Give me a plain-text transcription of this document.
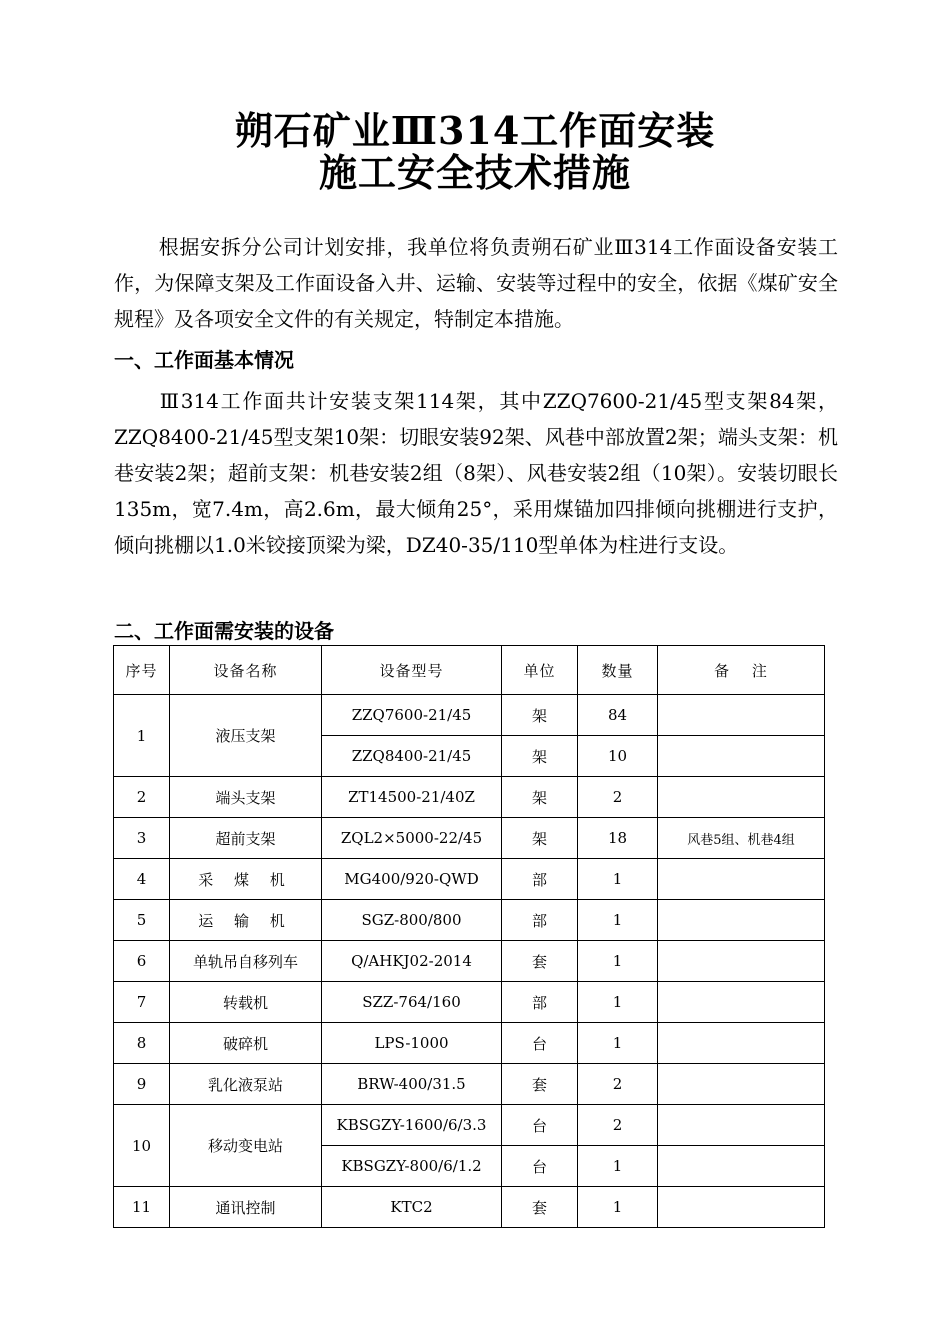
朔石矿业Ⅲ314工作面安装
施工安全技术措施
根据安拆分公司计划安排，我单位将负责朔石矿业Ⅲ314工作面设备安装工作，为保障支架及工作面设备入井、运输、安装等过程中的安全，依据《煤矿安全规程》及各项安全文件的有关规定，特制定本措施。
一、工作面基本情况
Ⅲ314工作面共计安装支架114架，其中ZZQ7600-21/45型支架84架，ZZQ8400-21/45型支架10架：切眼安装92架、风巷中部放置2架；端头支架：机巷安装2架；超前支架：机巷安装2组（8架）、风巷安装2组（10架）。安装切眼长135m，宽7.4m，高2.6m，最大倾角25°，采用煤锚加四排倾向挑棚进行支护，倾向挑棚以1.0米铰接顶梁为梁，DZ40-35/110型单体为柱进行支设。
二、工作面需安装的设备
序号	设备名称	设备型号	单位	数量	备　 注
1	液压支架	ZZQ7600-21/45	架	84	
		ZZQ8400-21/45	架	10	
2	端头支架	ZT14500-21/40Z	架	2	
3	超前支架	ZQL2×5000-22/45	架	18	风巷5组、机巷4组
4	采 煤 机	MG400/920-QWD	部	1	
5	运 输 机	SGZ-800/800	部	1	
6	单轨吊自移列车	Q/AHKJ02-2014	套	1	
7	转载机	SZZ-764/160	部	1	
8	破碎机	LPS-1000	台	1	
9	乳化液泵站	BRW-400/31.5	套	2	
10	移动变电站	KBSGZY-1600/6/3.3	台	2	
		KBSGZY-800/6/1.2	台	1	
11	通讯控制	KTC2	套	1	
